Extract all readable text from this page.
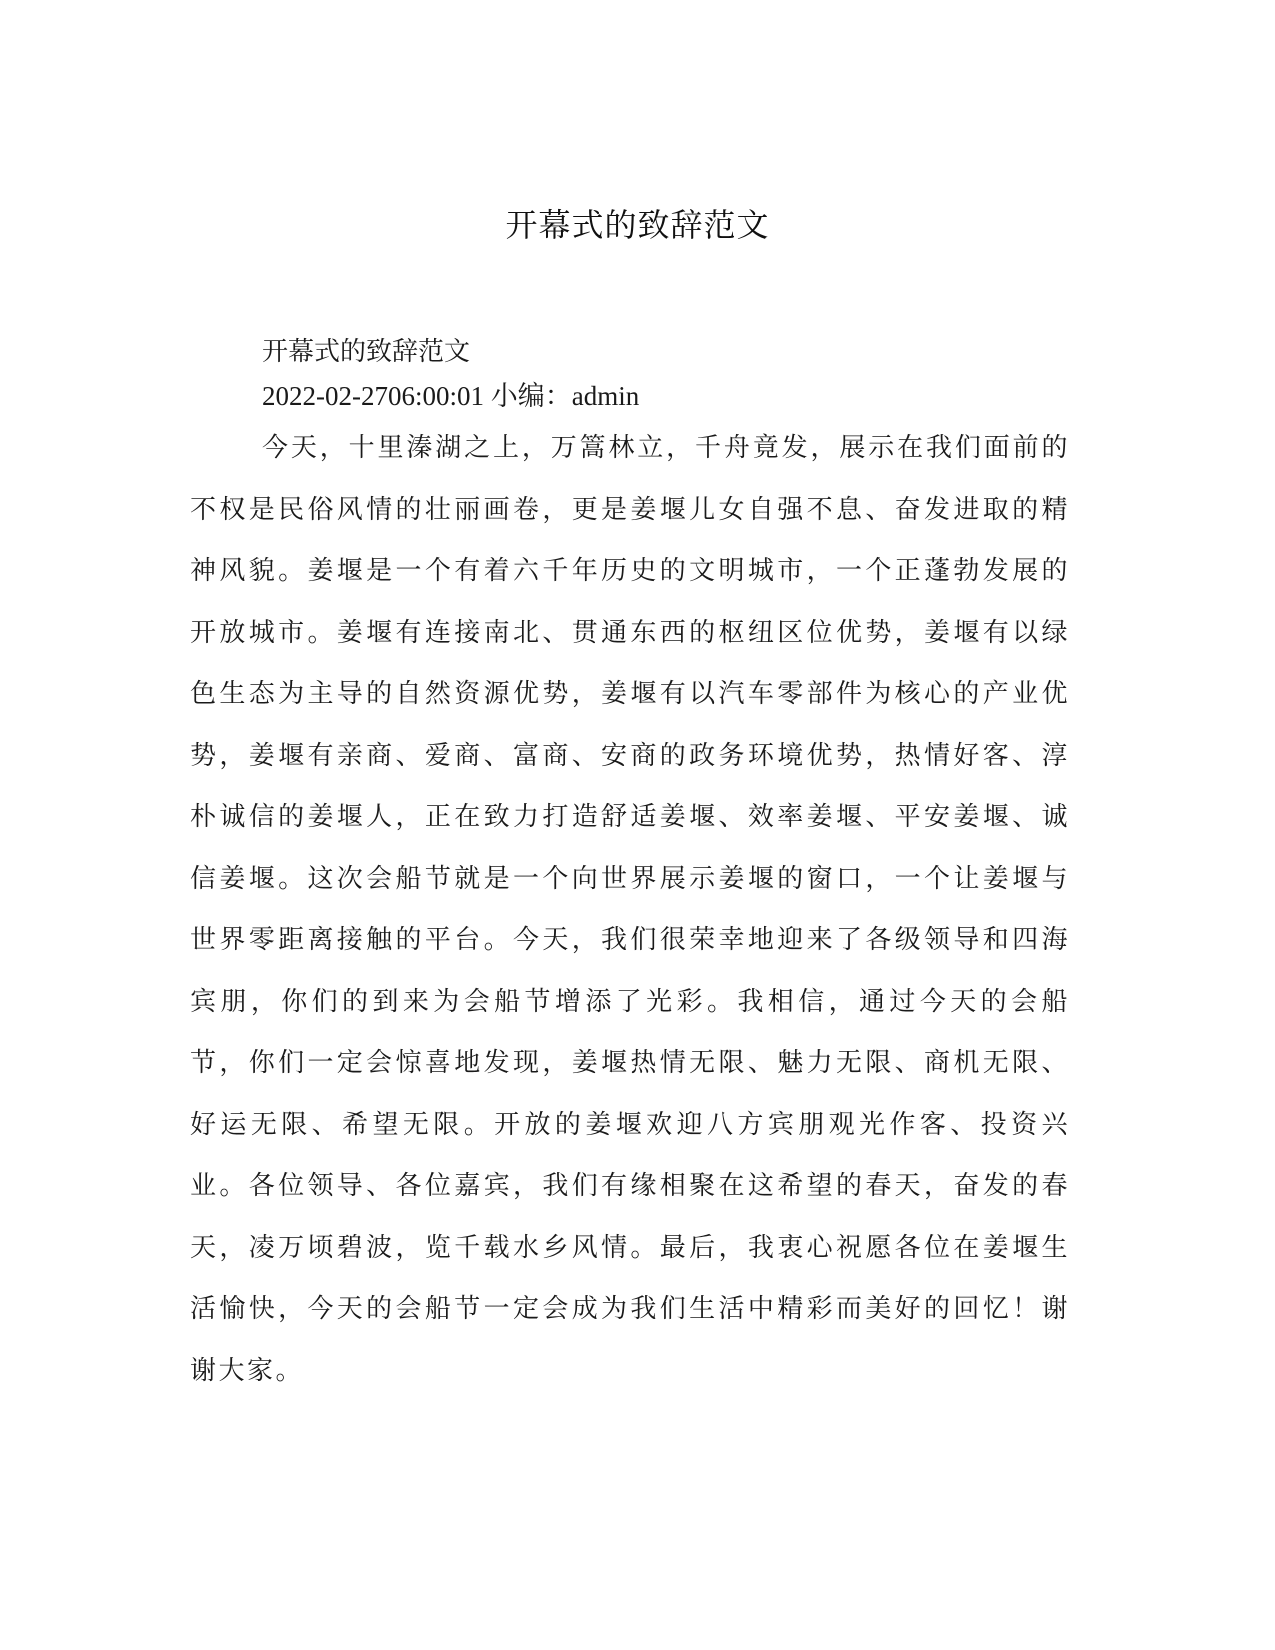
开幕式的致辞范文

开幕式的致辞范文

2022-02-2706:00:01 小编：admin

今天，十里溱湖之上，万篙林立，千舟竟发，展示在我们面前的不权是民俗风情的壮丽画卷，更是姜堰儿女自强不息、奋发进取的精神风貌。姜堰是一个有着六千年历史的文明城市，一个正蓬勃发展的开放城市。姜堰有连接南北、贯通东西的枢纽区位优势，姜堰有以绿色生态为主导的自然资源优势，姜堰有以汽车零部件为核心的产业优势，姜堰有亲商、爱商、富商、安商的政务环境优势，热情好客、淳朴诚信的姜堰人，正在致力打造舒适姜堰、效率姜堰、平安姜堰、诚信姜堰。这次会船节就是一个向世界展示姜堰的窗口，一个让姜堰与世界零距离接触的平台。今天，我们很荣幸地迎来了各级领导和四海宾朋，你们的到来为会船节增添了光彩。我相信，通过今天的会船节，你们一定会惊喜地发现，姜堰热情无限、魅力无限、商机无限、好运无限、希望无限。开放的姜堰欢迎八方宾朋观光作客、投资兴业。各位领导、各位嘉宾，我们有缘相聚在这希望的春天，奋发的春天，凌万顷碧波，览千载水乡风情。最后，我衷心祝愿各位在姜堰生活愉快，今天的会船节一定会成为我们生活中精彩而美好的回忆！谢谢大家。
